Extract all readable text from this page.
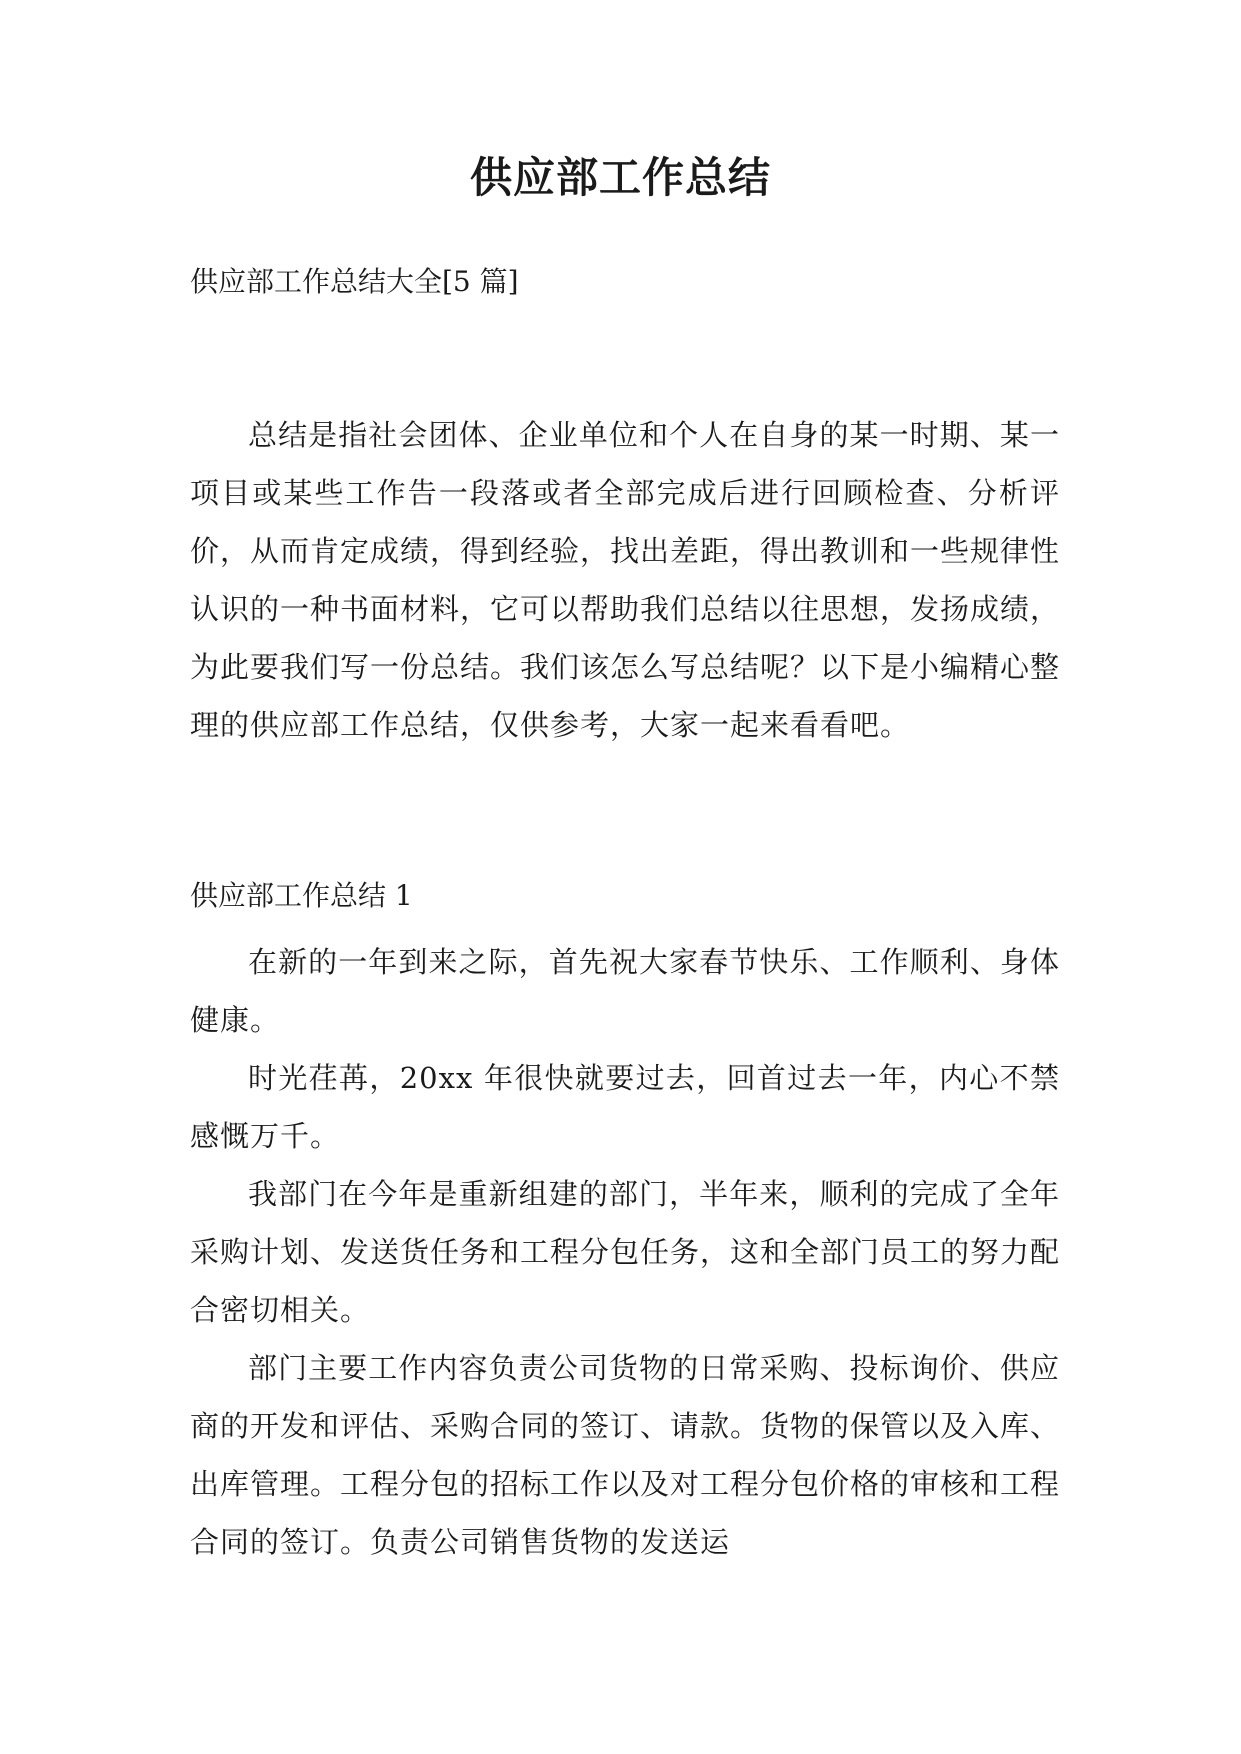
供应部工作总结

供应部工作总结大全[5 篇]

总结是指社会团体、企业单位和个人在自身的某一时期、某一项目或某些工作告一段落或者全部完成后进行回顾检查、分析评价，从而肯定成绩，得到经验，找出差距，得出教训和一些规律性认识的一种书面材料，它可以帮助我们总结以往思想，发扬成绩，为此要我们写一份总结。我们该怎么写总结呢？以下是小编精心整理的供应部工作总结，仅供参考，大家一起来看看吧。

供应部工作总结 1

在新的一年到来之际，首先祝大家春节快乐、工作顺利、身体健康。

时光荏苒，20xx 年很快就要过去，回首过去一年，内心不禁感慨万千。

我部门在今年是重新组建的部门，半年来，顺利的完成了全年采购计划、发送货任务和工程分包任务，这和全部门员工的努力配合密切相关。

部门主要工作内容负责公司货物的日常采购、投标询价、供应商的开发和评估、采购合同的签订、请款。货物的保管以及入库、出库管理。工程分包的招标工作以及对工程分包价格的审核和工程合同的签订。负责公司销售货物的发送运
